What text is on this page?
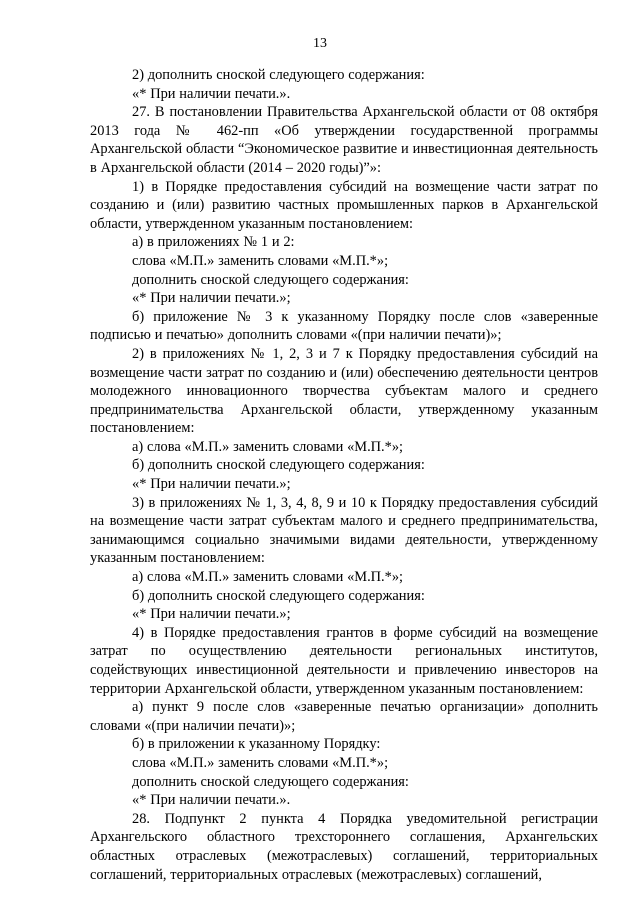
13

2) дополнить сноской следующего содержания:

«* При наличии печати.».

27. В постановлении Правительства Архангельской области от 08 октября 2013 года № 462-пп «Об утверждении государственной программы Архангельской области “Экономическое развитие и инвестиционная деятельность в Архангельской области (2014 – 2020 годы)”»:

1) в Порядке предоставления субсидий на возмещение части затрат по созданию и (или) развитию частных промышленных парков в Архангельской области, утвержденном указанным постановлением:

а) в приложениях № 1 и 2:

слова «М.П.» заменить словами «М.П.*»;

дополнить сноской следующего содержания:

«* При наличии печати.»;

б) приложение № 3 к указанному Порядку после слов «заверенные подписью и печатью» дополнить словами «(при наличии печати)»;

2) в приложениях № 1, 2, 3 и 7 к Порядку предоставления субсидий на возмещение части затрат по созданию и (или) обеспечению деятельности центров молодежного инновационного творчества субъектам малого и среднего предпринимательства Архангельской области, утвержденному указанным постановлением:

а) слова «М.П.» заменить словами «М.П.*»;

б) дополнить сноской следующего содержания:

«* При наличии печати.»;

3) в приложениях № 1, 3, 4, 8, 9 и 10 к Порядку предоставления субсидий на возмещение части затрат субъектам малого и среднего предпринимательства, занимающимся социально значимыми видами деятельности, утвержденному указанным постановлением:

а) слова «М.П.» заменить словами «М.П.*»;

б) дополнить сноской следующего содержания:

«* При наличии печати.»;

4) в Порядке предоставления грантов в форме субсидий на возмещение затрат по осуществлению деятельности региональных институтов, содействующих инвестиционной деятельности и привлечению инвесторов на территории Архангельской области, утвержденном указанным постановлением:

а) пункт 9 после слов «заверенные печатью организации» дополнить словами «(при наличии печати)»;

б) в приложении к указанному Порядку:

слова «М.П.» заменить словами «М.П.*»;

дополнить сноской следующего содержания:

«* При наличии печати.».

28. Подпункт 2 пункта 4 Порядка уведомительной регистрации Архангельского областного трехстороннего соглашения, Архангельских областных отраслевых (межотраслевых) соглашений, территориальных соглашений, территориальных отраслевых (межотраслевых) соглашений,
